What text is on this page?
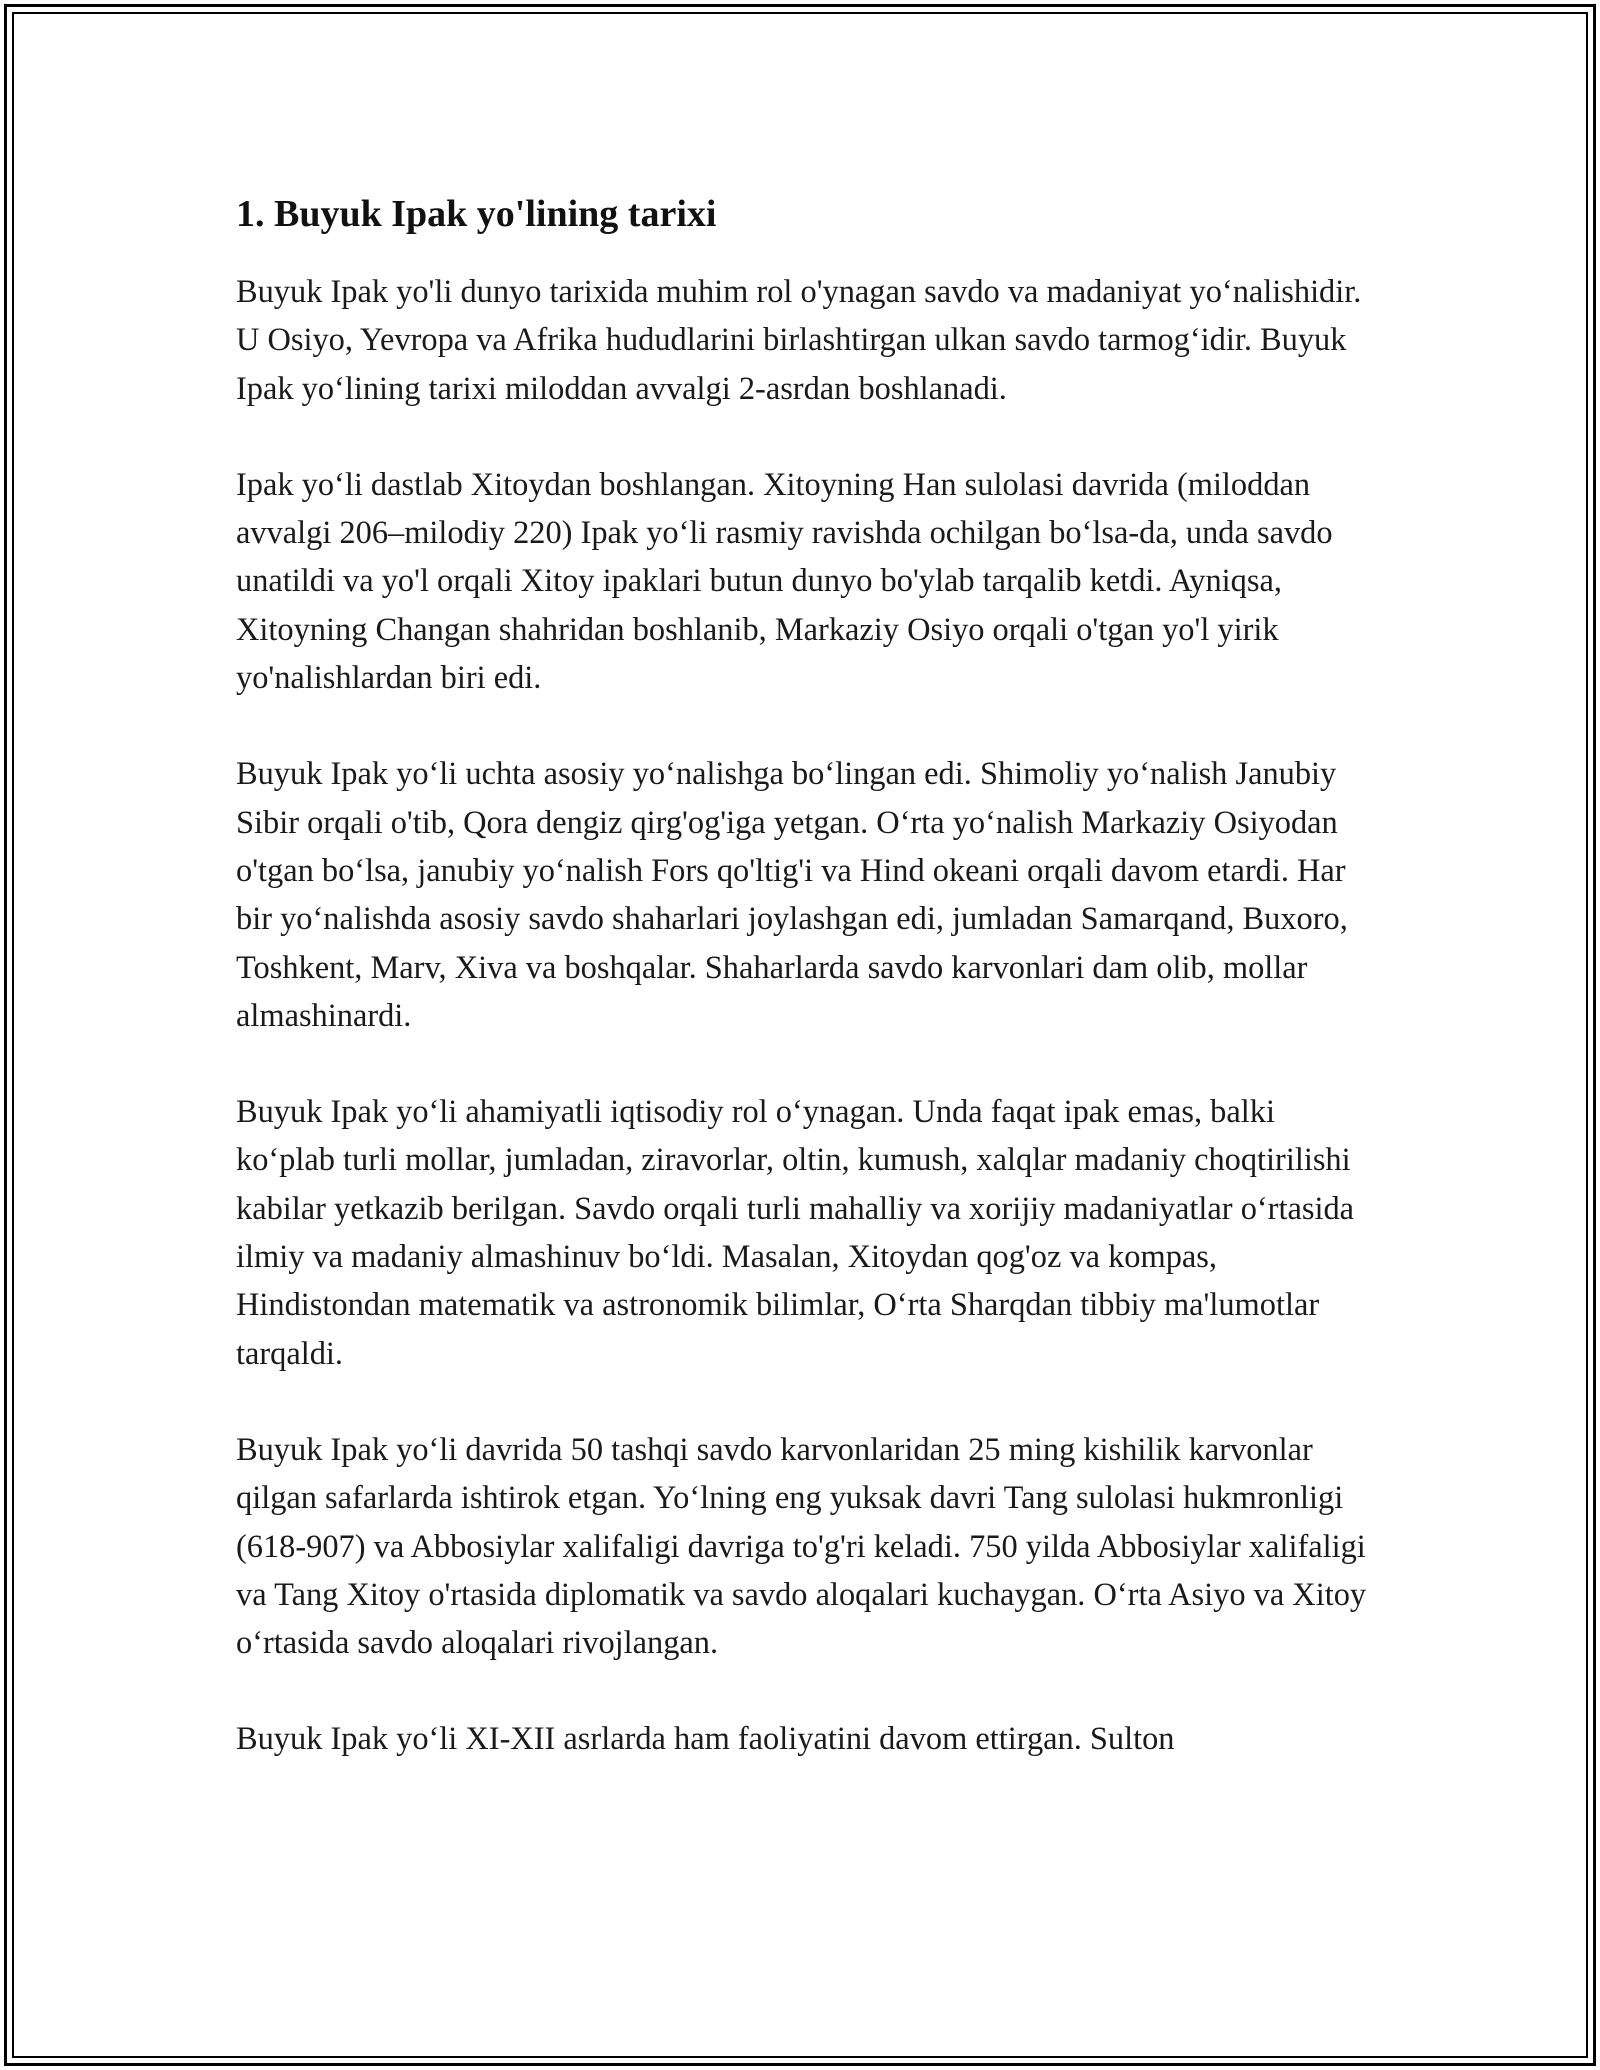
1. Buyuk Ipak yo'lining tarixi

Buyuk Ipak yo'li dunyo tarixida muhim rol o'ynagan savdo va madaniyat yo‘nalishidir. U Osiyo, Yevropa va Afrika hududlarini birlashtirgan ulkan savdo tarmog‘idir. Buyuk Ipak yo‘lining tarixi miloddan avvalgi 2-asrdan boshlanadi.

Ipak yo‘li dastlab Xitoydan boshlangan. Xitoyning Han sulolasi davrida (miloddan avvalgi 206–milodiy 220) Ipak yo‘li rasmiy ravishda ochilgan bo‘lsa-da, unda savdo unatildi va yo'l orqali Xitoy ipaklari butun dunyo bo'ylab tarqalib ketdi. Ayniqsa, Xitoyning Changan shahridan boshlanib, Markaziy Osiyo orqali o'tgan yo'l yirik yo'nalishlardan biri edi.

Buyuk Ipak yo‘li uchta asosiy yo‘nalishga bo‘lingan edi. Shimoliy yo‘nalish Janubiy Sibir orqali o'tib, Qora dengiz qirg'og'iga yetgan. O‘rta yo‘nalish Markaziy Osiyodan o'tgan bo‘lsa, janubiy yo‘nalish Fors qo'ltig'i va Hind okeani orqali davom etardi. Har bir yo‘nalishda asosiy savdo shaharlari joylashgan edi, jumladan Samarqand, Buxoro, Toshkent, Marv, Xiva va boshqalar. Shaharlarda savdo karvonlari dam olib, mollar almashinardi.

Buyuk Ipak yo‘li ahamiyatli iqtisodiy rol o‘ynagan. Unda faqat ipak emas, balki ko‘plab turli mollar, jumladan, ziravorlar, oltin, kumush, xalqlar madaniy choqtirilishi kabilar yetkazib berilgan. Savdo orqali turli mahalliy va xorijiy madaniyatlar o‘rtasida ilmiy va madaniy almashinuv bo‘ldi. Masalan, Xitoydan qog'oz va kompas, Hindistondan matematik va astronomik bilimlar, O‘rta Sharqdan tibbiy ma'lumotlar tarqaldi.

Buyuk Ipak yo‘li davrida 50 tashqi savdo karvonlaridan 25 ming kishilik karvonlar qilgan safarlarda ishtirok etgan. Yo‘lning eng yuksak davri Tang sulolasi hukmronligi (618-907) va Abbosiylar xalifaligi davriga to'g'ri keladi. 750 yilda Abbosiylar xalifaligi va Tang Xitoy o'rtasida diplomatik va savdo aloqalari kuchaygan. O‘rta Asiyo va Xitoy o‘rtasida savdo aloqalari rivojlangan.

Buyuk Ipak yo‘li XI-XII asrlarda ham faoliyatini davom ettirgan. Sulton
